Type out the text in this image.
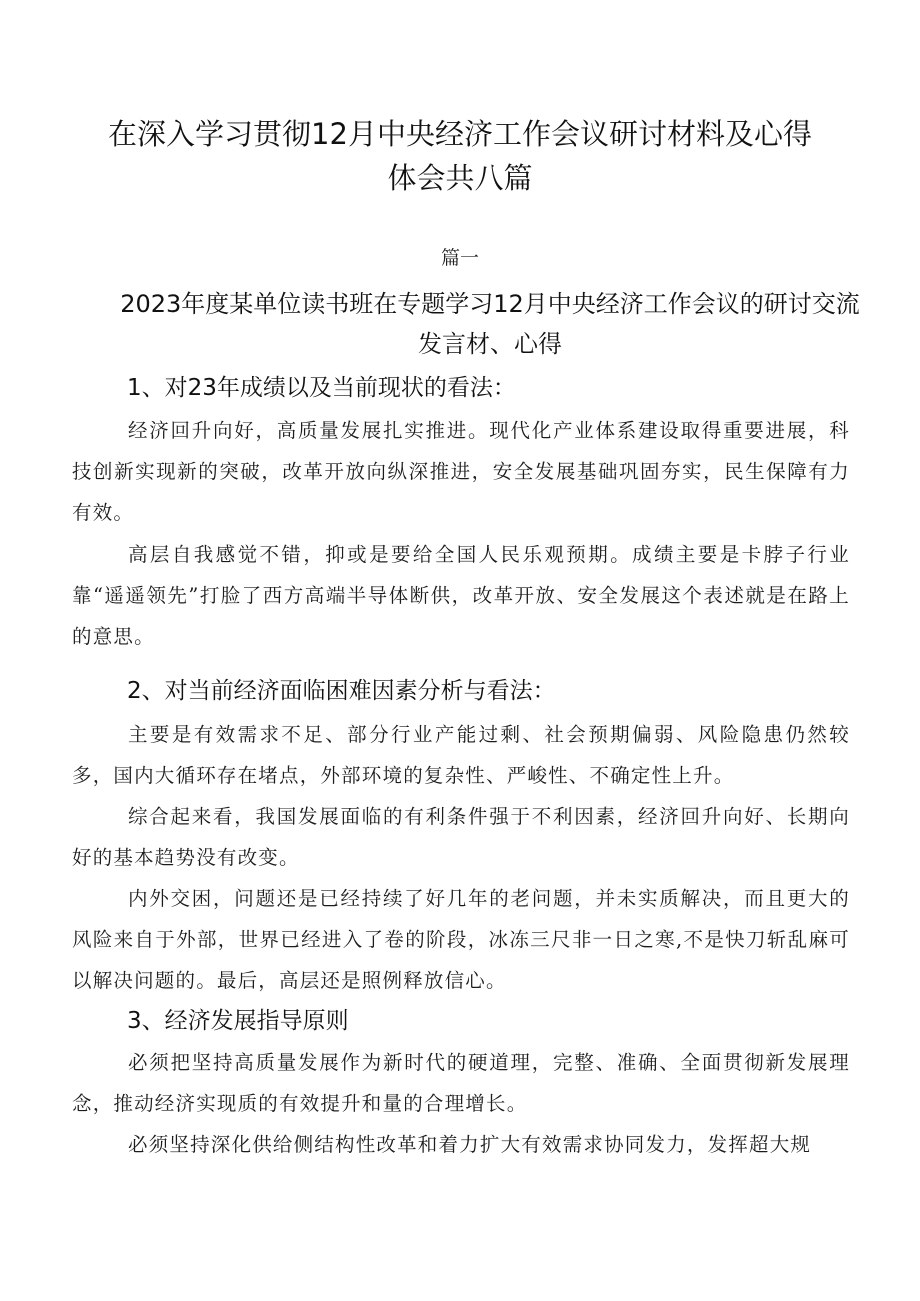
在深入学习贯彻12月中央经济工作会议研讨材料及心得体会共八篇
篇一
2023年度某单位读书班在专题学习12月中央经济工作会议的研讨交流发言材、心得
1、对23年成绩以及当前现状的看法：

经济回升向好，高质量发展扎实推进。现代化产业体系建设取得重要进展，科技创新实现新的突破，改革开放向纵深推进，安全发展基础巩固夯实，民生保障有力有效。

高层自我感觉不错，抑或是要给全国人民乐观预期。成绩主要是卡脖子行业靠“遥遥领先”打脸了西方高端半导体断供，改革开放、安全发展这个表述就是在路上的意思。

2、对当前经济面临困难因素分析与看法：

主要是有效需求不足、部分行业产能过剩、社会预期偏弱、风险隐患仍然较多，国内大循环存在堵点，外部环境的复杂性、严峻性、不确定性上升。

综合起来看，我国发展面临的有利条件强于不利因素，经济回升向好、长期向好的基本趋势没有改变。

内外交困，问题还是已经持续了好几年的老问题，并未实质解决，而且更大的风险来自于外部，世界已经进入了卷的阶段，冰冻三尺非一日之寒,不是快刀斩乱麻可以解决问题的。最后，高层还是照例释放信心。

3、经济发展指导原则

必须把坚持高质量发展作为新时代的硬道理，完整、准确、全面贯彻新发展理念，推动经济实现质的有效提升和量的合理增长。

必须坚持深化供给侧结构性改革和着力扩大有效需求协同发力，发挥超大规
